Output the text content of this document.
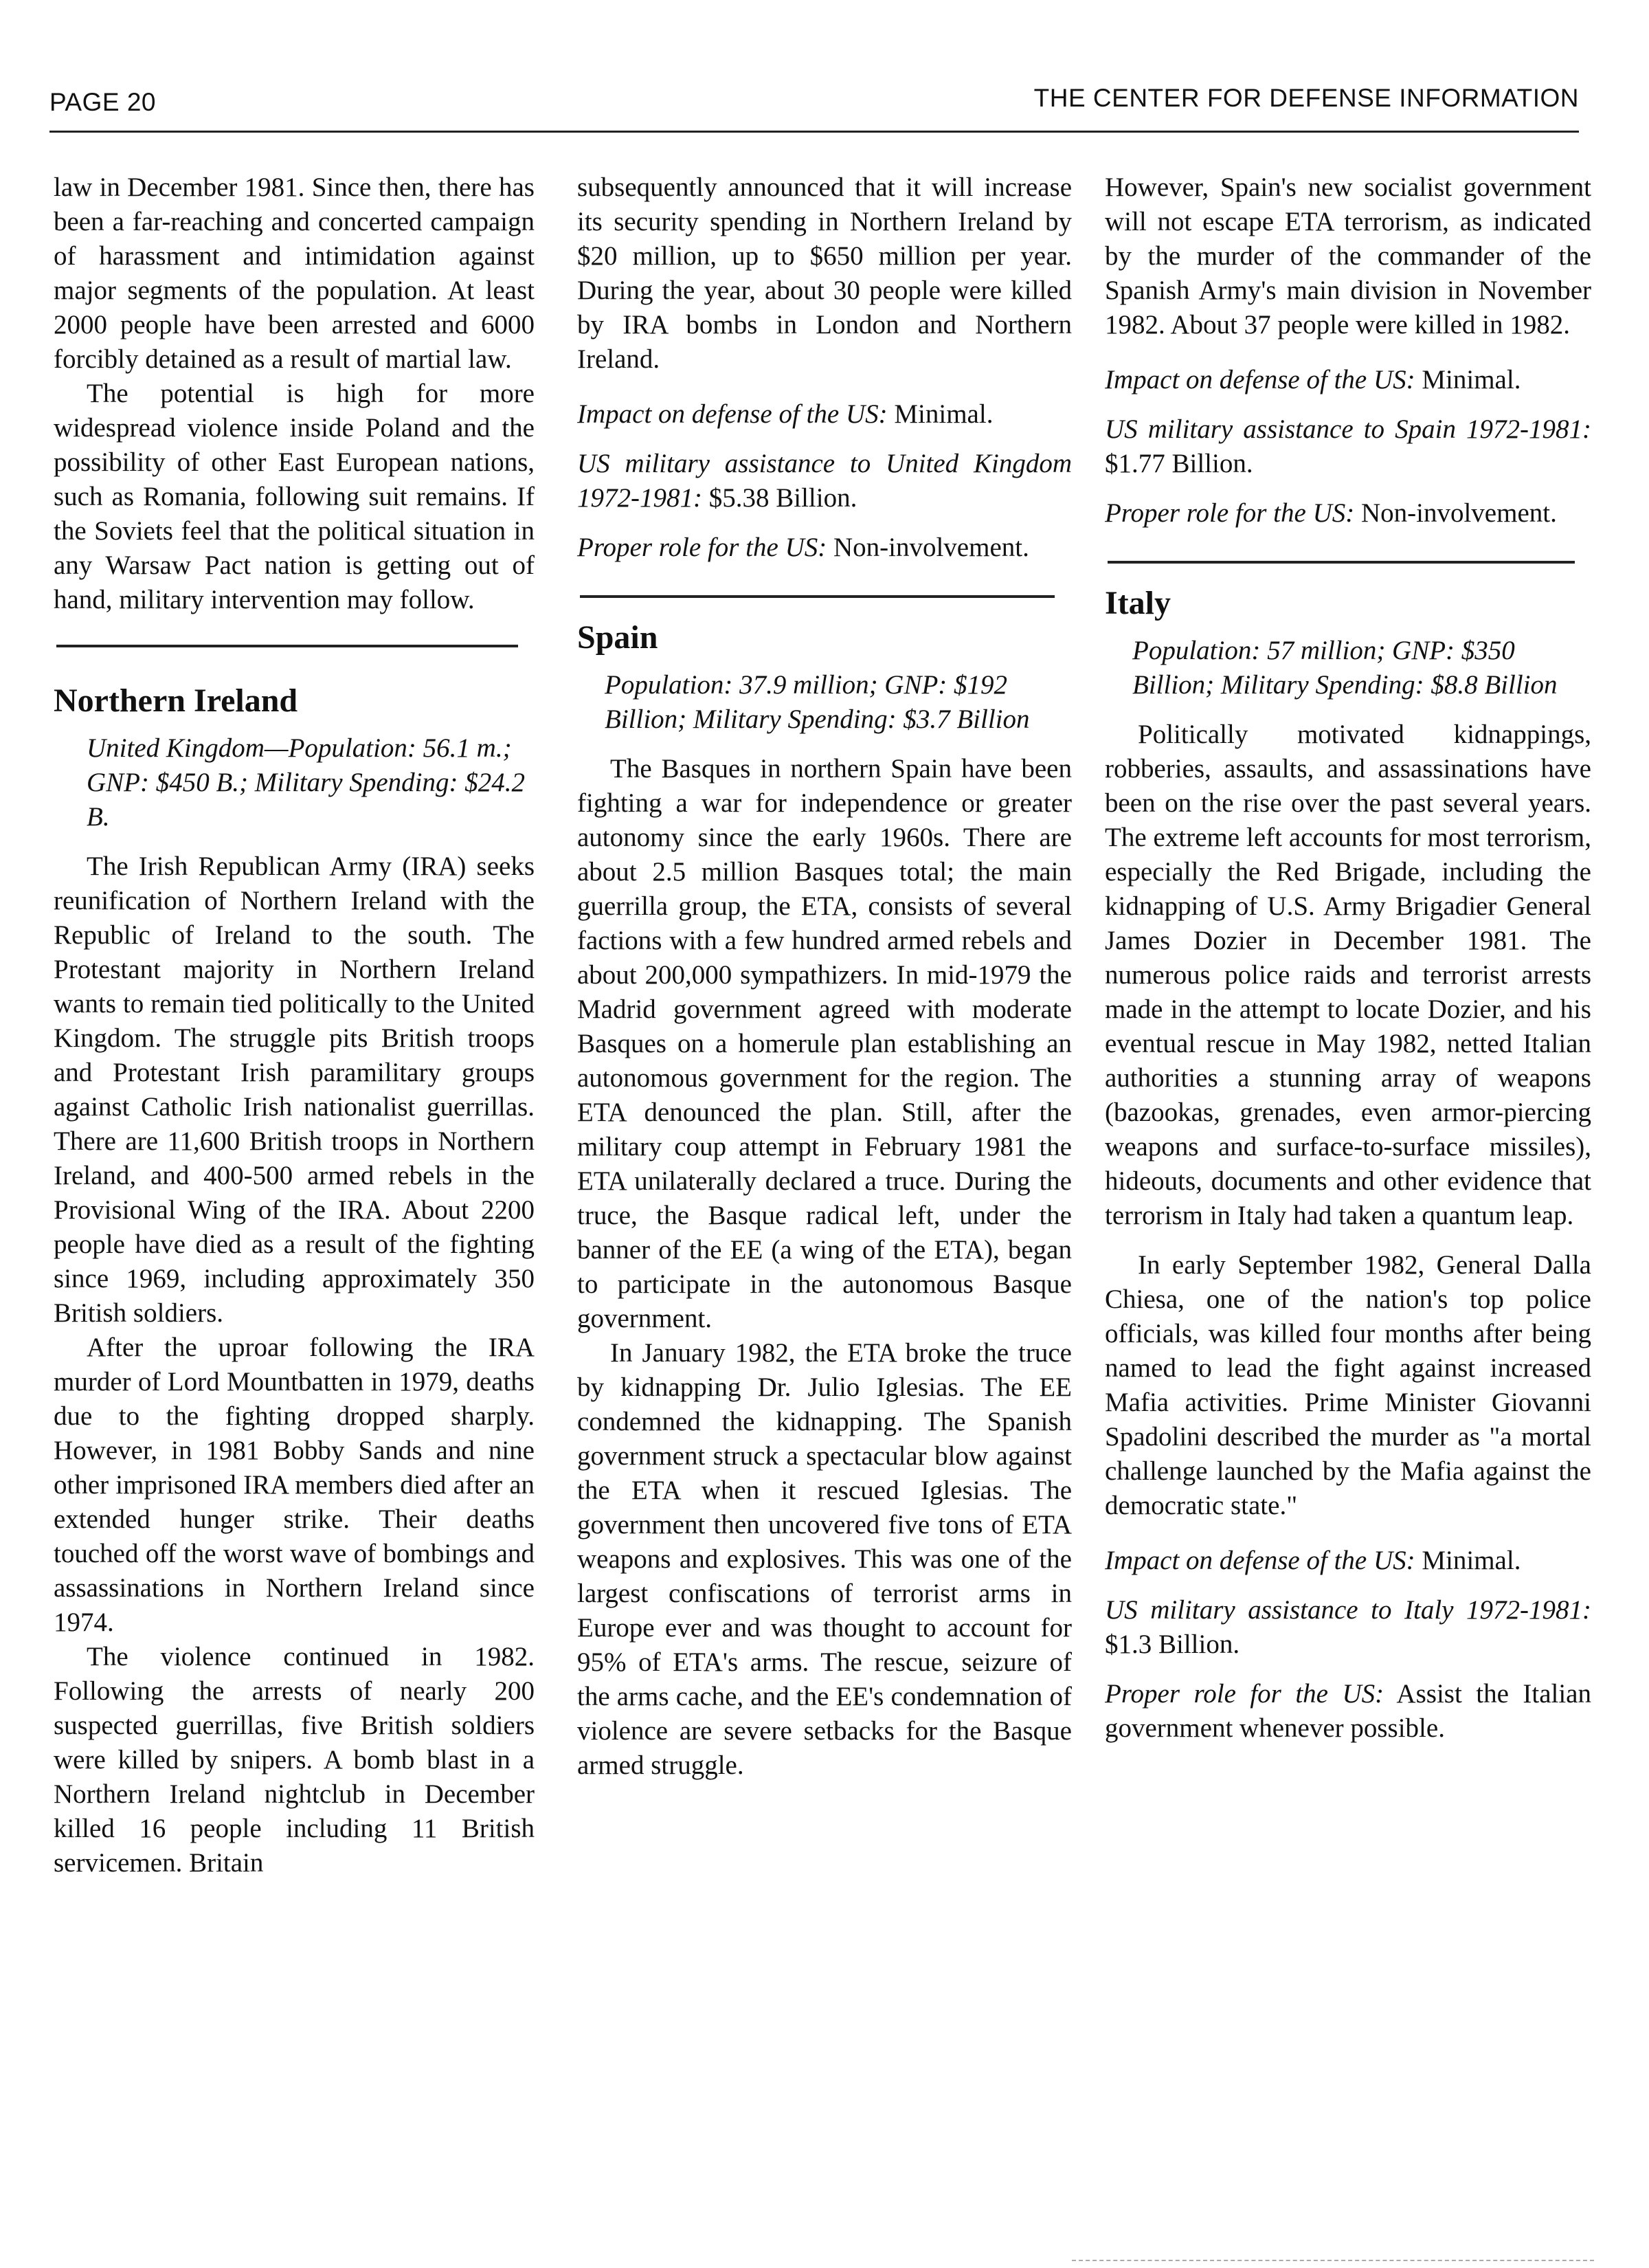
PAGE 20	THE CENTER FOR DEFENSE INFORMATION

law in December 1981. Since then, there has been a far-reaching and concerted campaign of harassment and intimidation against major segments of the population. At least 2000 people have been arrested and 6000 forcibly detained as a result of martial law.

The potential is high for more widespread violence inside Poland and the possibility of other East European nations, such as Romania, following suit remains. If the Soviets feel that the political situation in any Warsaw Pact nation is getting out of hand, military intervention may follow.

Northern Ireland

United Kingdom—Population: 56.1 m.; GNP: $450 B.; Military Spending: $24.2 B.

The Irish Republican Army (IRA) seeks reunification of Northern Ireland with the Republic of Ireland to the south. The Protestant majority in Northern Ireland wants to remain tied politically to the United Kingdom. The struggle pits British troops and Protestant Irish paramilitary groups against Catholic Irish nationalist guerrillas. There are 11,600 British troops in Northern Ireland, and 400-500 armed rebels in the Provisional Wing of the IRA. About 2200 people have died as a result of the fighting since 1969, including approximately 350 British soldiers.

After the uproar following the IRA murder of Lord Mountbatten in 1979, deaths due to the fighting dropped sharply. However, in 1981 Bobby Sands and nine other imprisoned IRA members died after an extended hunger strike. Their deaths touched off the worst wave of bombings and assassinations in Northern Ireland since 1974.

The violence continued in 1982. Following the arrests of nearly 200 suspected guerrillas, five British soldiers were killed by snipers. A bomb blast in a Northern Ireland nightclub in December killed 16 people including 11 British servicemen. Britain

subsequently announced that it will increase its security spending in Northern Ireland by $20 million, up to $650 million per year. During the year, about 30 people were killed by IRA bombs in London and Northern Ireland.

Impact on defense of the US: Minimal.

US military assistance to United Kingdom 1972-1981: $5.38 Billion.

Proper role for the US: Non-involvement.

Spain

Population: 37.9 million; GNP: $192 Billion; Military Spending: $3.7 Billion

The Basques in northern Spain have been fighting a war for independence or greater autonomy since the early 1960s. There are about 2.5 million Basques total; the main guerrilla group, the ETA, consists of several factions with a few hundred armed rebels and about 200,000 sympathizers. In mid-1979 the Madrid government agreed with moderate Basques on a homerule plan establishing an autonomous government for the region. The ETA denounced the plan. Still, after the military coup attempt in February 1981 the ETA unilaterally declared a truce. During the truce, the Basque radical left, under the banner of the EE (a wing of the ETA), began to participate in the autonomous Basque government.

In January 1982, the ETA broke the truce by kidnapping Dr. Julio Iglesias. The EE condemned the kidnapping. The Spanish government struck a spectacular blow against the ETA when it rescued Iglesias. The government then uncovered five tons of ETA weapons and explosives. This was one of the largest confiscations of terrorist arms in Europe ever and was thought to account for 95% of ETA's arms. The rescue, seizure of the arms cache, and the EE's condemnation of violence are severe setbacks for the Basque armed struggle.

However, Spain's new socialist government will not escape ETA terrorism, as indicated by the murder of the commander of the Spanish Army's main division in November 1982. About 37 people were killed in 1982.

Impact on defense of the US: Minimal.

US military assistance to Spain 1972-1981: $1.77 Billion.

Proper role for the US: Non-involvement.

Italy

Population: 57 million; GNP: $350 Billion; Military Spending: $8.8 Billion

Politically motivated kidnappings, robberies, assaults, and assassinations have been on the rise over the past several years. The extreme left accounts for most terrorism, especially the Red Brigade, including the kidnapping of U.S. Army Brigadier General James Dozier in December 1981. The numerous police raids and terrorist arrests made in the attempt to locate Dozier, and his eventual rescue in May 1982, netted Italian authorities a stunning array of weapons (bazookas, grenades, even armor-piercing weapons and surface-to-surface missiles), hideouts, documents and other evidence that terrorism in Italy had taken a quantum leap.

In early September 1982, General Dalla Chiesa, one of the nation's top police officials, was killed four months after being named to lead the fight against increased Mafia activities. Prime Minister Giovanni Spadolini described the murder as "a mortal challenge launched by the Mafia against the democratic state."

Impact on defense of the US: Minimal.

US military assistance to Italy 1972-1981: $1.3 Billion.

Proper role for the US: Assist the Italian government whenever possible.
